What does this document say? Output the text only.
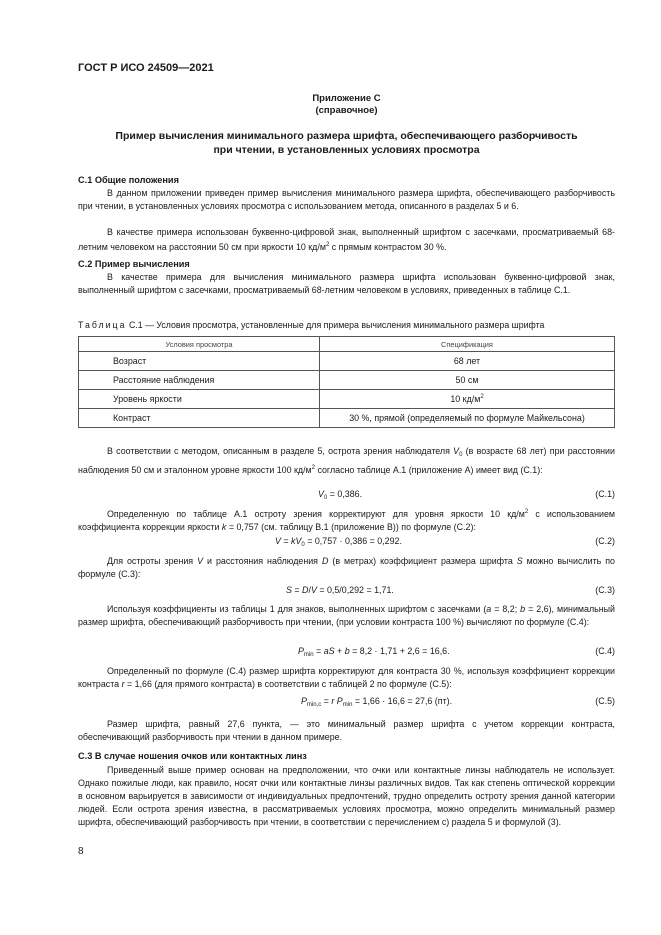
ГОСТ Р ИСО 24509—2021
Приложение С
(справочное)
Пример вычисления минимального размера шрифта, обеспечивающего разборчивость
при чтении, в установленных условиях просмотра
С.1 Общие положения
В данном приложении приведен пример вычисления минимального размера шрифта, обеспечивающего разборчивость при чтении, в установленных условиях просмотра с использованием метода, описанного в разделах 5 и 6.
В качестве примера использован буквенно-цифровой знак, выполненный шрифтом с засечками, просматриваемый 68-летним человеком на расстоянии 50 см при яркости 10 $кд/м^2$ с прямым контрастом 30 %.
С.2 Пример вычисления
В качестве примера для вычисления минимального размера шрифта использован буквенно-цифровой знак, выполненный шрифтом с засечками, просматриваемый 68-летним человеком в условиях, приведенных в таблице С.1.
Таблица С.1 — Условия просмотра, установленные для примера вычисления минимального размера шрифта
Условия просмотра	Спецификация
Возраст	68 лет
Расстояние наблюдения	50 см
Уровень яркости	10 $кд/м^2$
Контраст	30 %, прямой (определяемый по формуле Майкельсона)
В соответствии с методом, описанным в разделе 5, острота зрения наблюдателя $V_0$ (в возрасте 68 лет) при расстоянии наблюдения 50 см и эталонном уровне яркости 100 $кд/м^2$ согласно таблице А.1 (приложение А) имеет вид (С.1):
$V_0 = 0,386$.	(С.1)
Определенную по таблице А.1 остроту зрения корректируют для уровня яркости 10 $кд/м^2$ с использованием коэффициента коррекции яркости k = 0,757 (см. таблицу В.1 (приложение В)) по формуле (С.2):
$V = kV_0 = 0,757 \cdot 0,386 = 0,292$.	(С.2)
Для остроты зрения V и расстояния наблюдения D (в метрах) коэффициент размера шрифта S можно вычислить по формуле (С.3):
S = D/V = 0,5/0,292 = 1,71.	(С.3)
Используя коэффициенты из таблицы 1 для знаков, выполненных шрифтом с засечками (a = 8,2; b = 2,6), минимальный размер шрифта, обеспечивающий разборчивость при чтении, (при условии контраста 100 %) вычисляют по формуле (С.4):
$P_{min}$ = aS + b = 8,2 · 1,71 + 2,6 = 16,6.	(С.4)
Определенный по формуле (С.4) размер шрифта корректируют для контраста 30 %, используя коэффициент коррекции контраста r = 1,66 (для прямого контраста) в соответствии с таблицей 2 по формуле (С.5):
$P_{min,c} = r$ $P_{min} = 1,66 \cdot 16,6 = 27,6$ (пт).	(С.5)
Размер шрифта, равный 27,6 пункта, — это минимальный размер шрифта с учетом коррекции контраста, обеспечивающий разборчивость при чтении в данном примере.
С.3 В случае ношения очков или контактных линз
Приведенный выше пример основан на предположении, что очки или контактные линзы наблюдатель не использует. Однако пожилые люди, как правило, носят очки или контактные линзы различных видов. Так как степень оптической коррекции в основном варьируется в зависимости от индивидуальных предпочтений, трудно определить остроту зрения данной категории людей. Если острота зрения известна, в рассматриваемых условиях просмотра, можно определить минимальный размер шрифта, обеспечивающий разборчивость при чтении, в соответствии с перечислением с) раздела 5 и формулой (3).
8
